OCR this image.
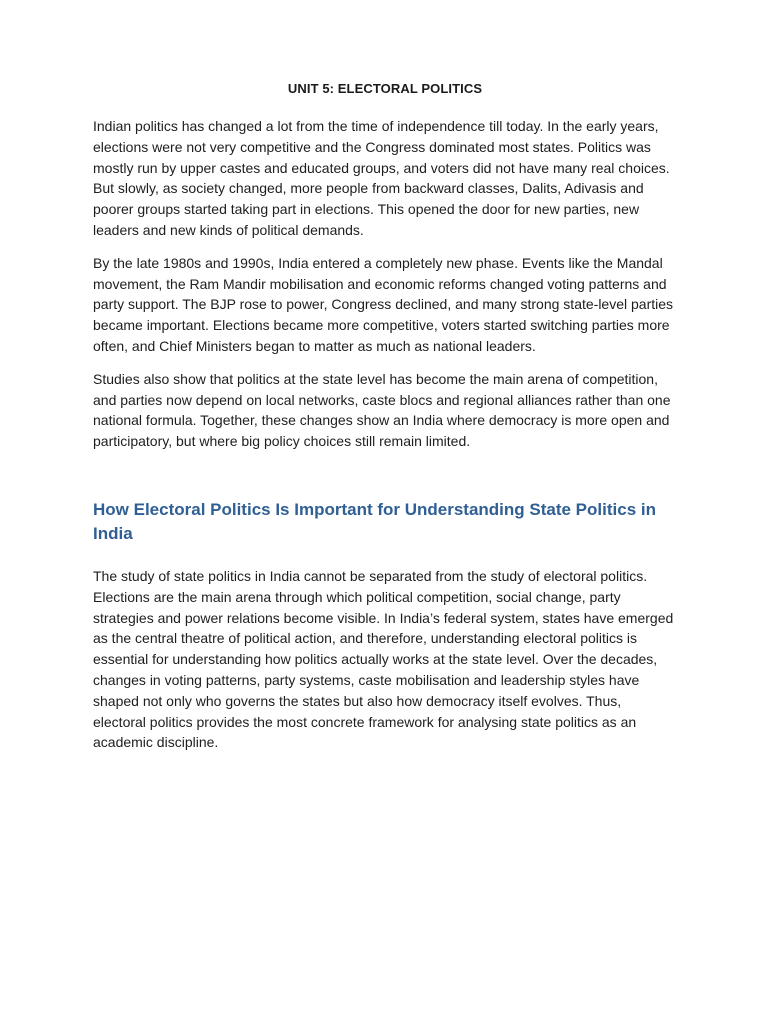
UNIT 5: ELECTORAL POLITICS

Indian politics has changed a lot from the time of independence till today. In the early years, elections were not very competitive and the Congress dominated most states. Politics was mostly run by upper castes and educated groups, and voters did not have many real choices. But slowly, as society changed, more people from backward classes, Dalits, Adivasis and poorer groups started taking part in elections. This opened the door for new parties, new leaders and new kinds of political demands.

By the late 1980s and 1990s, India entered a completely new phase. Events like the Mandal movement, the Ram Mandir mobilisation and economic reforms changed voting patterns and party support. The BJP rose to power, Congress declined, and many strong state-level parties became important. Elections became more competitive, voters started switching parties more often, and Chief Ministers began to matter as much as national leaders.

Studies also show that politics at the state level has become the main arena of competition, and parties now depend on local networks, caste blocs and regional alliances rather than one national formula. Together, these changes show an India where democracy is more open and participatory, but where big policy choices still remain limited.

How Electoral Politics Is Important for Understanding State Politics in India

The study of state politics in India cannot be separated from the study of electoral politics. Elections are the main arena through which political competition, social change, party strategies and power relations become visible. In India’s federal system, states have emerged as the central theatre of political action, and therefore, understanding electoral politics is essential for understanding how politics actually works at the state level. Over the decades, changes in voting patterns, party systems, caste mobilisation and leadership styles have shaped not only who governs the states but also how democracy itself evolves. Thus, electoral politics provides the most concrete framework for analysing state politics as an academic discipline.
